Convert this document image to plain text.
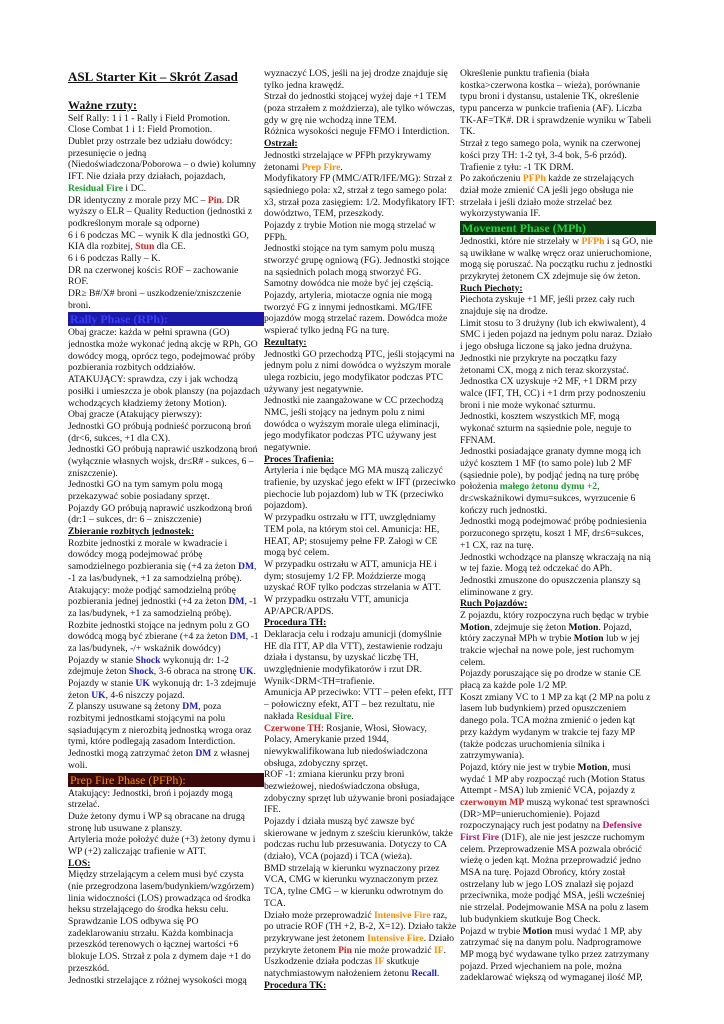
ASL Starter Kit – Skrót Zasad
Ważne rzuty:
Self Rally: 1 i 1 - Rally i Field Promotion.
Close Combat 1 i 1: Field Promotion.
Dublet przy ostrzale bez udziału dowódcy:
przesunięcie o jedną
(Niedoświadczona/Poborowa – o dwie) kolumny
IFT. Nie działa przy działach, pojazdach,
Residual Fire i DC.
DR identyczny z morale przy MC – Pin. DR
wyższy o ELR – Quality Reduction (jednostki z
podkreślonym morale są odporne)
6 i 6 podczas MC – wynik K dla jednostki GO,
KIA dla rozbitej, Stun dla CE.
6 i 6 podczas Rally – K.
DR na czerwonej kości≤ ROF – zachowanie
ROF.
DR≥ B#/X# broni – uszkodzenie/zniszczenie
broni.
Rally Phase (RPh):
Obaj gracze: każda w pełni sprawna (GO)
jednostka może wykonać jedną akcję w RPh, GO
dowódcy mogą, oprócz tego, podejmować próby
pozbierania rozbitych oddziałów.
ATAKUJĄCY: sprawdza, czy i jak wchodzą
posiłki i umieszcza je obok planszy (na pojazdach
wchodzących kładziemy żetony Motion).
Obaj gracze (Atakujący pierwszy):
Jednostki GO próbują podnieść porzuconą broń
(dr<6, sukces, +1 dla CX).
Jednostki GO próbują naprawić uszkodzoną broń
(wyłącznie własnych wojsk, dr≤R# - sukces, 6 –
zniszczenie).
Jednostki GO na tym samym polu mogą
przekazywać sobie posiadany sprzęt.
Pojazdy GO próbują naprawić uszkodzoną broń
(dr:1 – sukces, dr: 6 – zniszczenie)
Zbieranie rozbitych jednostek:
Rozbite jednostki z morale w kwadracie i
dowódcy mogą podejmować próbę
samodzielnego pozbierania się (+4 za żeton DM,
-1 za las/budynek, +1 za samodzielną próbę).
Atakujący: może podjąć samodzielną próbę
pozbierania jednej jednostki (+4 za żeton DM, -1
za las/budynek, +1 za samodzielną próbę).
Rozbite jednostki stojące na jednym polu z GO
dowódcą mogą być zbierane (+4 za żeton DM, -1
za las/budynek, -/+ wskaźnik dowódcy)
Pojazdy w stanie Shock wykonują dr: 1-2
zdejmuje żeton Shock, 3-6 obraca na stronę UK.
Pojazdy w stanie UK wykonują dr: 1-3 zdejmuje
żeton UK, 4-6 niszczy pojazd.
Z planszy usuwane są żetony DM, poza
rozbitymi jednostkami stojącymi na polu
sąsiadującym z nierozbitą jednostką wroga oraz
tymi, które podlegają zasadom Interdiction.
Jednostki mogą zatrzymać żeton DM z własnej
woli.
Prep Fire Phase (PFPh):
Atakujący: Jednostki, broń i pojazdy mogą
strzelać.
Duże żetony dymu i WP są obracane na drugą
stronę lub usuwane z planszy.
Artyleria może położyć duże (+3) żetony dymu i
WP (+2) zaliczając trafienie w ATT.
LOS:
Między strzelającym a celem musi być czysta
(nie przegrodzona lasem/budynkiem/wzgórzem)
linia widoczności (LOS) prowadząca od środka
heksu strzelającego do środka heksu celu.
Sprawdzanie LOS odbywa się PO
zadeklarowaniu strzału. Każda kombinacja
przeszkód terenowych o łącznej wartości +6
blokuje LOS. Strzał z pola z dymem daje +1 do
przeszkód.
Jednostki strzelające z różnej wysokości mogą
wyznaczyć LOS, jeśli na jej drodze znajduje się
tylko jedna krawędź.
Strzał do jednostki stojącej wyżej daje +1 TEM
(poza strzałem z możdzierza), ale tylko wówczas,
gdy w grę nie wchodzą inne TEM.
Różnica wysokości neguje FFMO i Interdiction.
Ostrzał:
Jednostki strzelające w PFPh przykrywamy
żetonami Prep Fire.
Modyfikatory FP (MMC/ATR/IFE/MG): Strzał z
sąsiedniego pola: x2, strzał z tego samego pola:
x3, strzał poza zasięgiem: 1/2. Modyfikatory IFT:
dowództwo, TEM, przeszkody.
Pojazdy z trybie Motion nie mogą strzelać w
PFPh.
Jednostki stojące na tym samym polu muszą
stworzyć grupę ogniową (FG). Jednostki stojące
na sąsiednich polach mogą stworzyć FG.
Samotny dowódca nie może być jej częścią.
Pojazdy, artyleria, miotacze ognia nie mogą
tworzyć FG z innymi jednostkami. MG/IFE
pojazdów mogą strzelać razem. Dowódca może
wspierać tylko jedną FG na turę.
Rezultaty:
Jednostki GO przechodzą PTC, jeśli stojącymi na
jednym polu z nimi dowódca o wyższym morale
ulega rozbiciu, jego modyfikator podczas PTC
używany jest negatywnie.
Jednostki nie zaangażowane w CC przechodzą
NMC, jeśli stojący na jednym polu z nimi
dowódca o wyższym morale ulega eliminacji,
jego modyfikator podczas PTC używany jest
negatywnie.
Proces Trafienia:
Artyleria i nie będące MG MA muszą zaliczyć
trafienie, by uzyskać jego efekt w IFT (przeciwko
piechocie lub pojazdom) lub w TK (przeciwko
pojazdom).
W przypadku ostrzału w ITT, uwzględniamy
TEM pola, na którym stoi cel. Amunicja: HE,
HEAT, AP; stosujemy pełne FP. Załogi w CE
mogą być celem.
W przypadku ostrzału w ATT, amunicja HE i
dym; stosujemy 1/2 FP. Moździerze mogą
uzyskać ROF tylko podczas strzelania w ATT.
W przypadku ostrzału VTT, amunicja
AP/APCR/APDS.
Procedura TH:
Deklaracja celu i rodzaju amunicji (domyślnie
HE dla ITT, AP dla VTT), zestawienie rodzaju
działa i dystansu, by uzyskać liczbę TH,
uwzględnienie modyfikatorów i rzut DR.
Wynik<DRM<TH=trafienie.
Amunicja AP przeciwko: VTT – pełen efekt, ITT
– połowiczny efekt, ATT – bez rezultatu, nie
nakłada Residual Fire.
Czerwone TH: Rosjanie, Włosi, Słowacy,
Polacy, Amerykanie przed 1944,
niewykwalifikowana lub niedoświadczona
obsługa, zdobyczny sprzęt.
ROF -1: zmiana kierunku przy broni
bezwieżowej, niedoświadczona obsługa,
zdobyczny sprzęt lub używanie broni posiadające
IFE.
Pojazdy i działa muszą być zawsze być
skierowane w jednym z sześciu kierunków, także
podczas ruchu lub przesuwania. Dotyczy to CA
(działo), VCA (pojazd) i TCA (wieża).
BMD strzelają w kierunku wyznaczony przez
VCA, CMG w kierunku wyznaczonym przez
TCA, tylne CMG – w kierunku odwrotnym do
TCA.
Działo może przeprowadzić Intensive Fire raz,
po utracie ROF (TH +2, B-2, X=12). Działo także
przykrywane jest żetonem Intensive Fire. Działo
przykryte żetonem Pin nie może prowadzić IF.
Uszkodzenie działa podczas IF skutkuje
natychmiastowym nałożeniem żetonu Recall.
Procedura TK:
Określenie punktu trafienia (biała
kostka>czerwona kostka – wieża), porównanie
typu broni i dystansu, ustalenie TK, określenie
typu pancerza w punkcie trafienia (AF). Liczba
TK-AF=TK#. DR i sprawdzenie wyniku w Tabeli
TK.
Strzał z tego samego pola, wynik na czerwonej
kości przy TH: 1-2 tył, 3-4 bok, 5-6 przód).
Trafienie z tyłu: -1 TK DRM.
Po zakończeniu PFPh każde ze strzelających
dział może zmienić CA jeśli jego obsługa nie
strzelała i jeśli działo może strzelać bez
wykorzystywania IF.
Movement Phase (MPh)
Jednostki, które nie strzelały w PFPh i są GO, nie
są uwikłane w walkę wręcz oraz unieruchomione,
mogą się poruszać. Na początku ruchu z jednostki
przykrytej żetonem CX zdejmuje się ów żeton.
Ruch Piechoty:
Piechota zyskuje +1 MF, jeśli przez cały ruch
znajduje się na drodze.
Limit stosu to 3 drużyny (lub ich ekwiwalent), 4
SMC i jeden pojazd na jednym polu naraz. Działo
i jego obsługa liczone są jako jedna drużyna.
Jednostki nie przykryte na początku fazy
żetonami CX, mogą z nich teraz skorzystać.
Jednostka CX uzyskuje +2 MF, +1 DRM przy
walce (IFT, TH, CC) i +1 drm przy podnoszeniu
broni i nie może wykonać szturmu.
Jednostki, kosztem wszystkich MF, mogą
wykonać szturm na sąsiednie pole, neguje to
FFNAM.
Jednostki posiadające granaty dymne mogą ich
użyć kosztem 1 MF (to samo pole) lub 2 MF
(sąsiednie pole), by podjąć jedną na turę próbę
położenia małego żetonu dymu +2,
dr≤wskaźnikowi dymu=sukces, wyrzucenie 6
kończy ruch jednostki.
Jednostki mogą podejmować próbę podniesienia
porzuconego sprzętu, koszt 1 MF, dr≤6=sukces,
+1 CX, raz na turę.
Jednostki wchodzące na planszę wkraczają na nią
w tej fazie. Mogą też odczekać do APh.
Jednostki zmuszone do opuszczenia planszy są
eliminowane z gry.
Ruch Pojazdów:
Z pojazdu, który rozpoczyna ruch będąc w trybie
Motion, zdejmuje się żeton Motion. Pojazd,
który zaczynał MPh w trybie Motion lub w jej
trakcie wjechał na nowe pole, jest ruchomym
celem.
Pojazdy poruszające się po drodze w stanie CE
płacą za każde pole 1/2 MP.
Koszt zmiany VC to 1 MP za kąt (2 MP na polu z
lasem lub budynkiem) przed opuszczeniem
danego pola. TCA można zmienić o jeden kąt
przy każdym wydanym w trakcie tej fazy MP
(także podczas uruchomienia silnika i
zatrzymywania).
Pojazd, który nie jest w trybie Motion, musi
wydać 1 MP aby rozpocząć ruch (Motion Status
Attempt - MSA) lub zmienić VCA, pojazdy z
czerwonym MP muszą wykonać test sprawności
(DR>MP=unieruchomienie). Pojazd
rozpoczynający ruch jest podatny na Defensive
First Fire (D1F), ale nie jest jeszcze ruchomym
celem. Przeprowadzenie MSA pozwala obrócić
wieżę o jeden kąt. Można przeprowadzić jedno
MSA na turę. Pojazd Obrońcy, który został
ostrzelany lub w jego LOS znalazł się pojazd
przeciwnika, może podjąć MSA, jeśli wcześniej
nie strzelał. Podejmowanie MSA na polu z lasem
lub budynkiem skutkuje Bog Check.
Pojazd w trybie Motion musi wydać 1 MP, aby
zatrzymać się na danym polu. Nadprogramowe
MP mogą być wydawane tylko przez zatrzymany
pojazd. Przed wjechaniem na pole, można
zadeklarować większą od wymaganej ilość MP,
